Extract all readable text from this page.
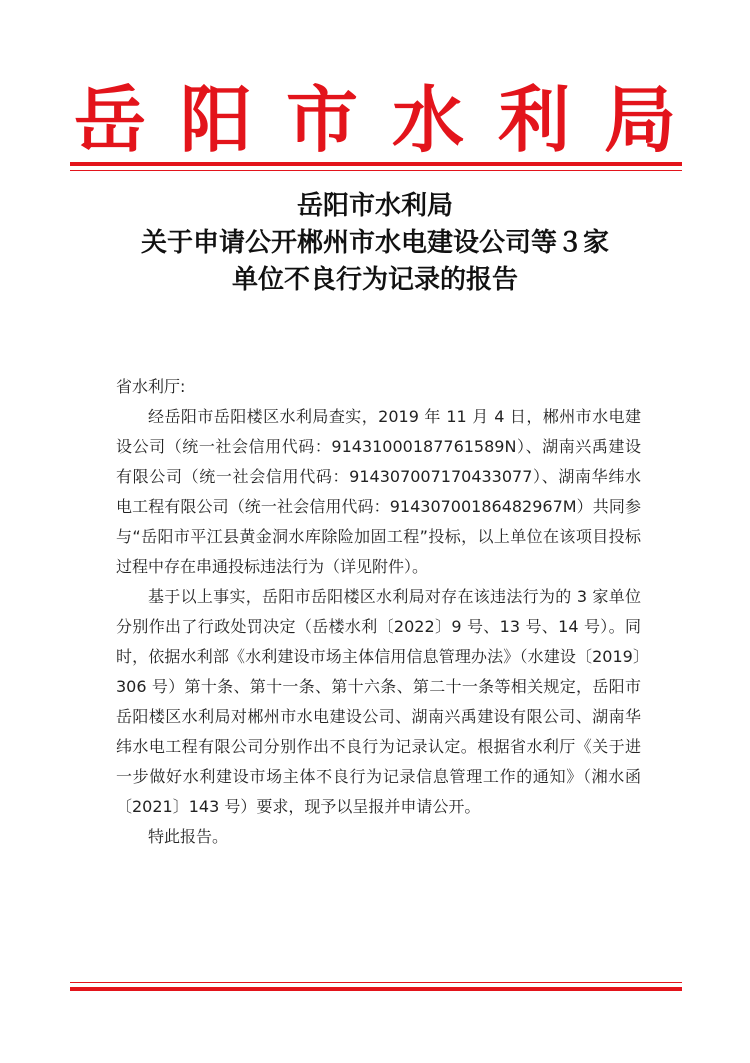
岳阳市水利局
岳阳市水利局
关于申请公开郴州市水电建设公司等３家
单位不良行为记录的报告

省水利厅:

经岳阳市岳阳楼区水利局查实，2019 年 11 月 4 日，郴州市水电建设公司（统一社会信用代码：91431000187761589N）、湖南兴禹建设有限公司（统一社会信用代码：914307007170433077）、湖南华纬水电工程有限公司（统一社会信用代码：91430700186482967M）共同参与“岳阳市平江县黄金洞水库除险加固工程”投标，以上单位在该项目投标过程中存在串通投标违法行为（详见附件）。

基于以上事实，岳阳市岳阳楼区水利局对存在该违法行为的 3 家单位分别作出了行政处罚决定（岳楼水利〔2022〕9 号、13 号、14 号）。同时，依据水利部《水利建设市场主体信用信息管理办法》（水建设〔2019〕306 号）第十条、第十一条、第十六条、第二十一条等相关规定，岳阳市岳阳楼区水利局对郴州市水电建设公司、湖南兴禹建设有限公司、湖南华纬水电工程有限公司分别作出不良行为记录认定。根据省水利厅《关于进一步做好水利建设市场主体不良行为记录信息管理工作的通知》（湘水函〔2021〕143 号）要求，现予以呈报并申请公开。

特此报告。
